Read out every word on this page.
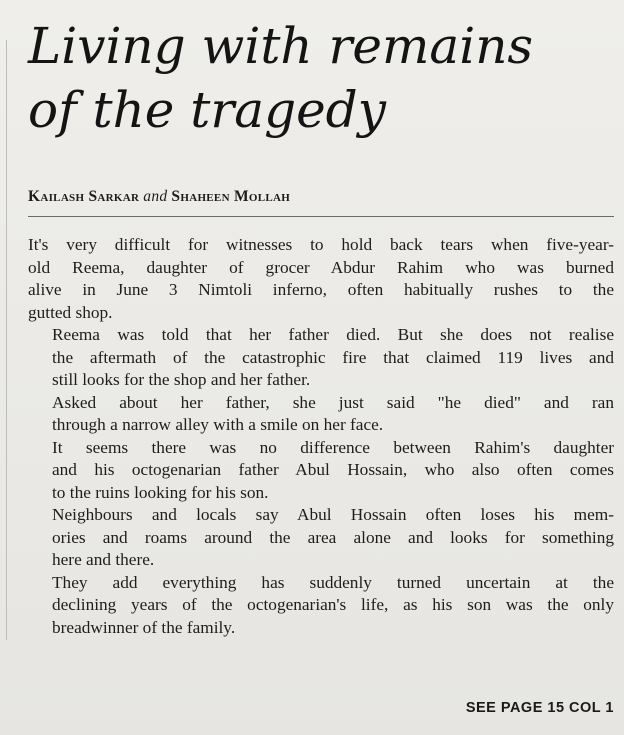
Living with remains
of the tragedy
Kailash Sarkar and Shaheen Mollah

It's very difficult for witnesses to hold back tears when five-year-
old Reema, daughter of grocer Abdur Rahim who was burned
alive in June 3 Nimtoli inferno, often habitually rushes to the
gutted shop.

Reema was told that her father died. But she does not realise
the aftermath of the catastrophic fire that claimed 119 lives and
still looks for the shop and her father.

Asked about her father, she just said "he died" and ran
through a narrow alley with a smile on her face.

It seems there was no difference between Rahim's daughter
and his octogenarian father Abul Hossain, who also often comes
to the ruins looking for his son.

Neighbours and locals say Abul Hossain often loses his mem-
ories and roams around the area alone and looks for something
here and there.

They add everything has suddenly turned uncertain at the
declining years of the octogenarian's life, as his son was the only
breadwinner of the family.

SEE PAGE 15 COL 1
